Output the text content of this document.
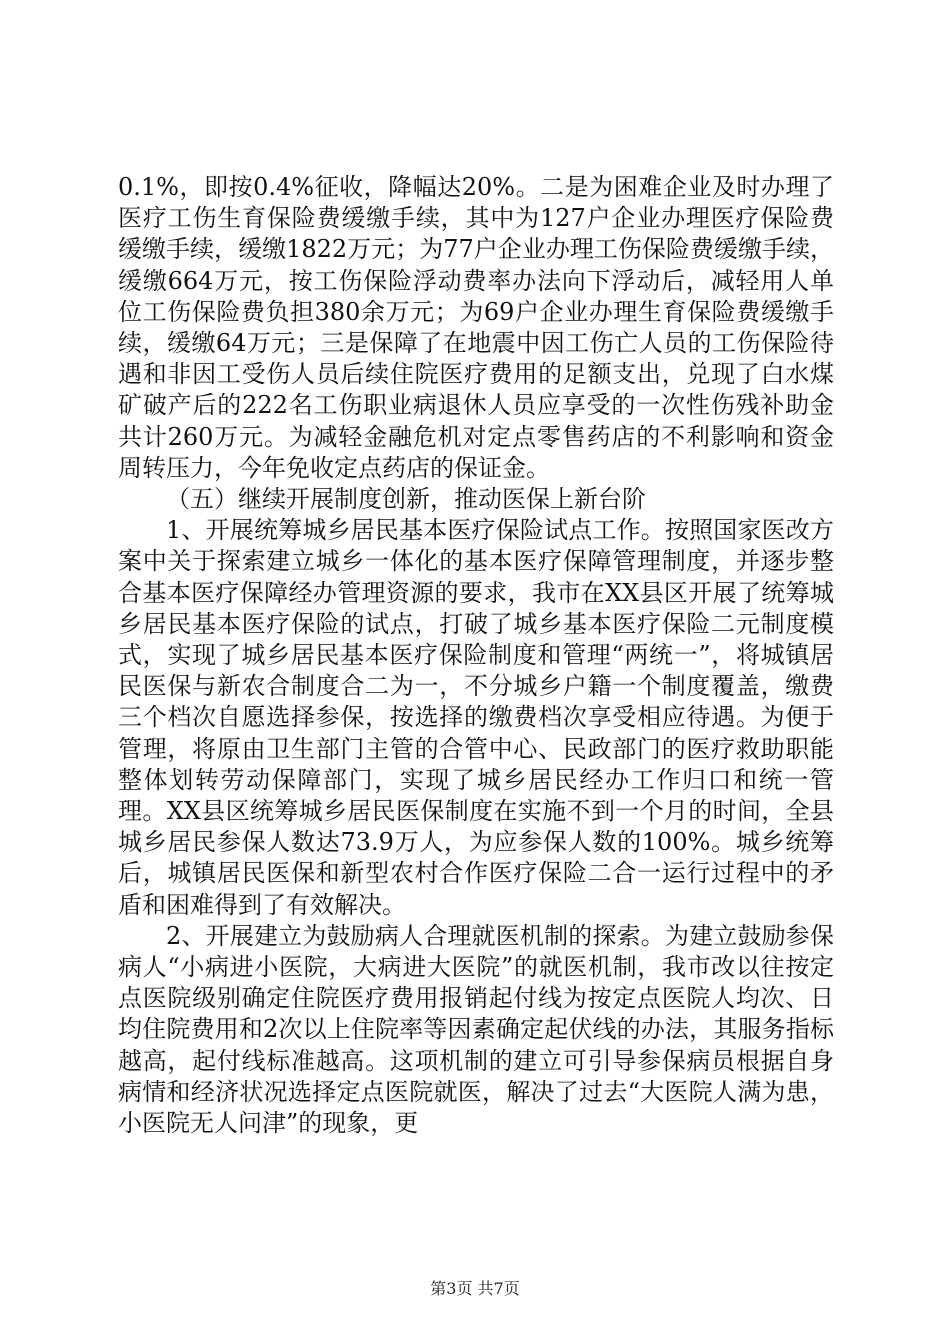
0.1%，即按0.4%征收，降幅达20%。二是为困难企业及时办理了医疗工伤生育保险费缓缴手续，其中为127户企业办理医疗保险费缓缴手续，缓缴1822万元；为77户企业办理工伤保险费缓缴手续，缓缴664万元，按工伤保险浮动费率办法向下浮动后，减轻用人单位工伤保险费负担380余万元；为69户企业办理生育保险费缓缴手续，缓缴64万元；三是保障了在地震中因工伤亡人员的工伤保险待遇和非因工受伤人员后续住院医疗费用的足额支出，兑现了白水煤矿破产后的222名工伤职业病退休人员应享受的一次性伤残补助金共计260万元。为减轻金融危机对定点零售药店的不利影响和资金周转压力，今年免收定点药店的保证金。

（五）继续开展制度创新，推动医保上新台阶

1、开展统筹城乡居民基本医疗保险试点工作。按照国家医改方案中关于探索建立城乡一体化的基本医疗保障管理制度，并逐步整合基本医疗保障经办管理资源的要求，我市在XX县区开展了统筹城乡居民基本医疗保险的试点，打破了城乡基本医疗保险二元制度模式，实现了城乡居民基本医疗保险制度和管理“两统一”，将城镇居民医保与新农合制度合二为一，不分城乡户籍一个制度覆盖，缴费三个档次自愿选择参保，按选择的缴费档次享受相应待遇。为便于管理，将原由卫生部门主管的合管中心、民政部门的医疗救助职能整体划转劳动保障部门，实现了城乡居民经办工作归口和统一管理。XX县区统筹城乡居民医保制度在实施不到一个月的时间，全县城乡居民参保人数达73.9万人，为应参保人数的100%。城乡统筹后，城镇居民医保和新型农村合作医疗保险二合一运行过程中的矛盾和困难得到了有效解决。

2、开展建立为鼓励病人合理就医机制的探索。为建立鼓励参保病人“小病进小医院，大病进大医院”的就医机制，我市改以往按定点医院级别确定住院医疗费用报销起付线为按定点医院人均次、日均住院费用和2次以上住院率等因素确定起伏线的办法，其服务指标越高，起付线标准越高。这项机制的建立可引导参保病员根据自身病情和经济状况选择定点医院就医，解决了过去“大医院人满为患，小医院无人问津”的现象，更

第3页 共7页
